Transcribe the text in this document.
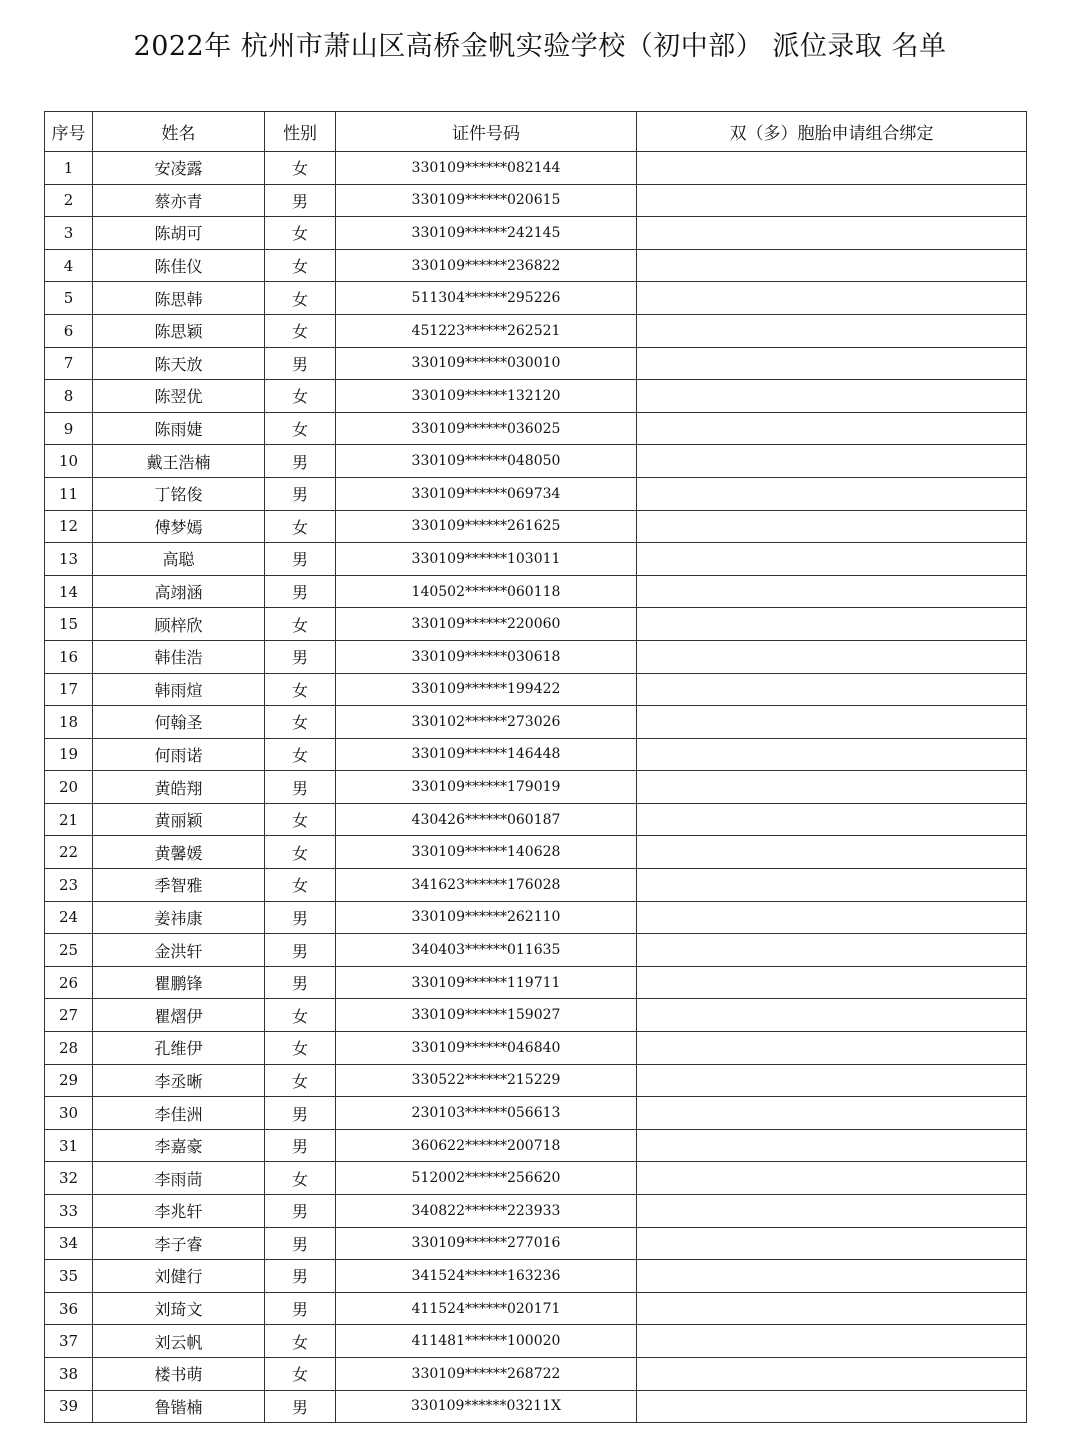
2022年 杭州市萧山区高桥金帆实验学校（初中部） 派位录取 名单
序号	姓名	性别	证件号码	双（多）胞胎申请组合绑定
1	安凌露	女	330109******082144	
2	蔡亦青	男	330109******020615	
3	陈胡可	女	330109******242145	
4	陈佳仪	女	330109******236822	
5	陈思韩	女	511304******295226	
6	陈思颖	女	451223******262521	
7	陈天放	男	330109******030010	
8	陈翌优	女	330109******132120	
9	陈雨婕	女	330109******036025	
10	戴王浩楠	男	330109******048050	
11	丁铭俊	男	330109******069734	
12	傅梦嫣	女	330109******261625	
13	高聪	男	330109******103011	
14	高翊涵	男	140502******060118	
15	顾梓欣	女	330109******220060	
16	韩佳浩	男	330109******030618	
17	韩雨煊	女	330109******199422	
18	何翰圣	女	330102******273026	
19	何雨诺	女	330109******146448	
20	黄皓翔	男	330109******179019	
21	黄丽颖	女	430426******060187	
22	黄馨媛	女	330109******140628	
23	季智雅	女	341623******176028	
24	姜祎康	男	330109******262110	
25	金洪轩	男	340403******011635	
26	瞿鹏锋	男	330109******119711	
27	瞿熠伊	女	330109******159027	
28	孔维伊	女	330109******046840	
29	李丞晰	女	330522******215229	
30	李佳洲	男	230103******056613	
31	李嘉豪	男	360622******200718	
32	李雨茼	女	512002******256620	
33	李兆轩	男	340822******223933	
34	李子睿	男	330109******277016	
35	刘健行	男	341524******163236	
36	刘琦文	男	411524******020171	
37	刘云帆	女	411481******100020	
38	楼书萌	女	330109******268722	
39	鲁锴楠	男	330109******03211X	
